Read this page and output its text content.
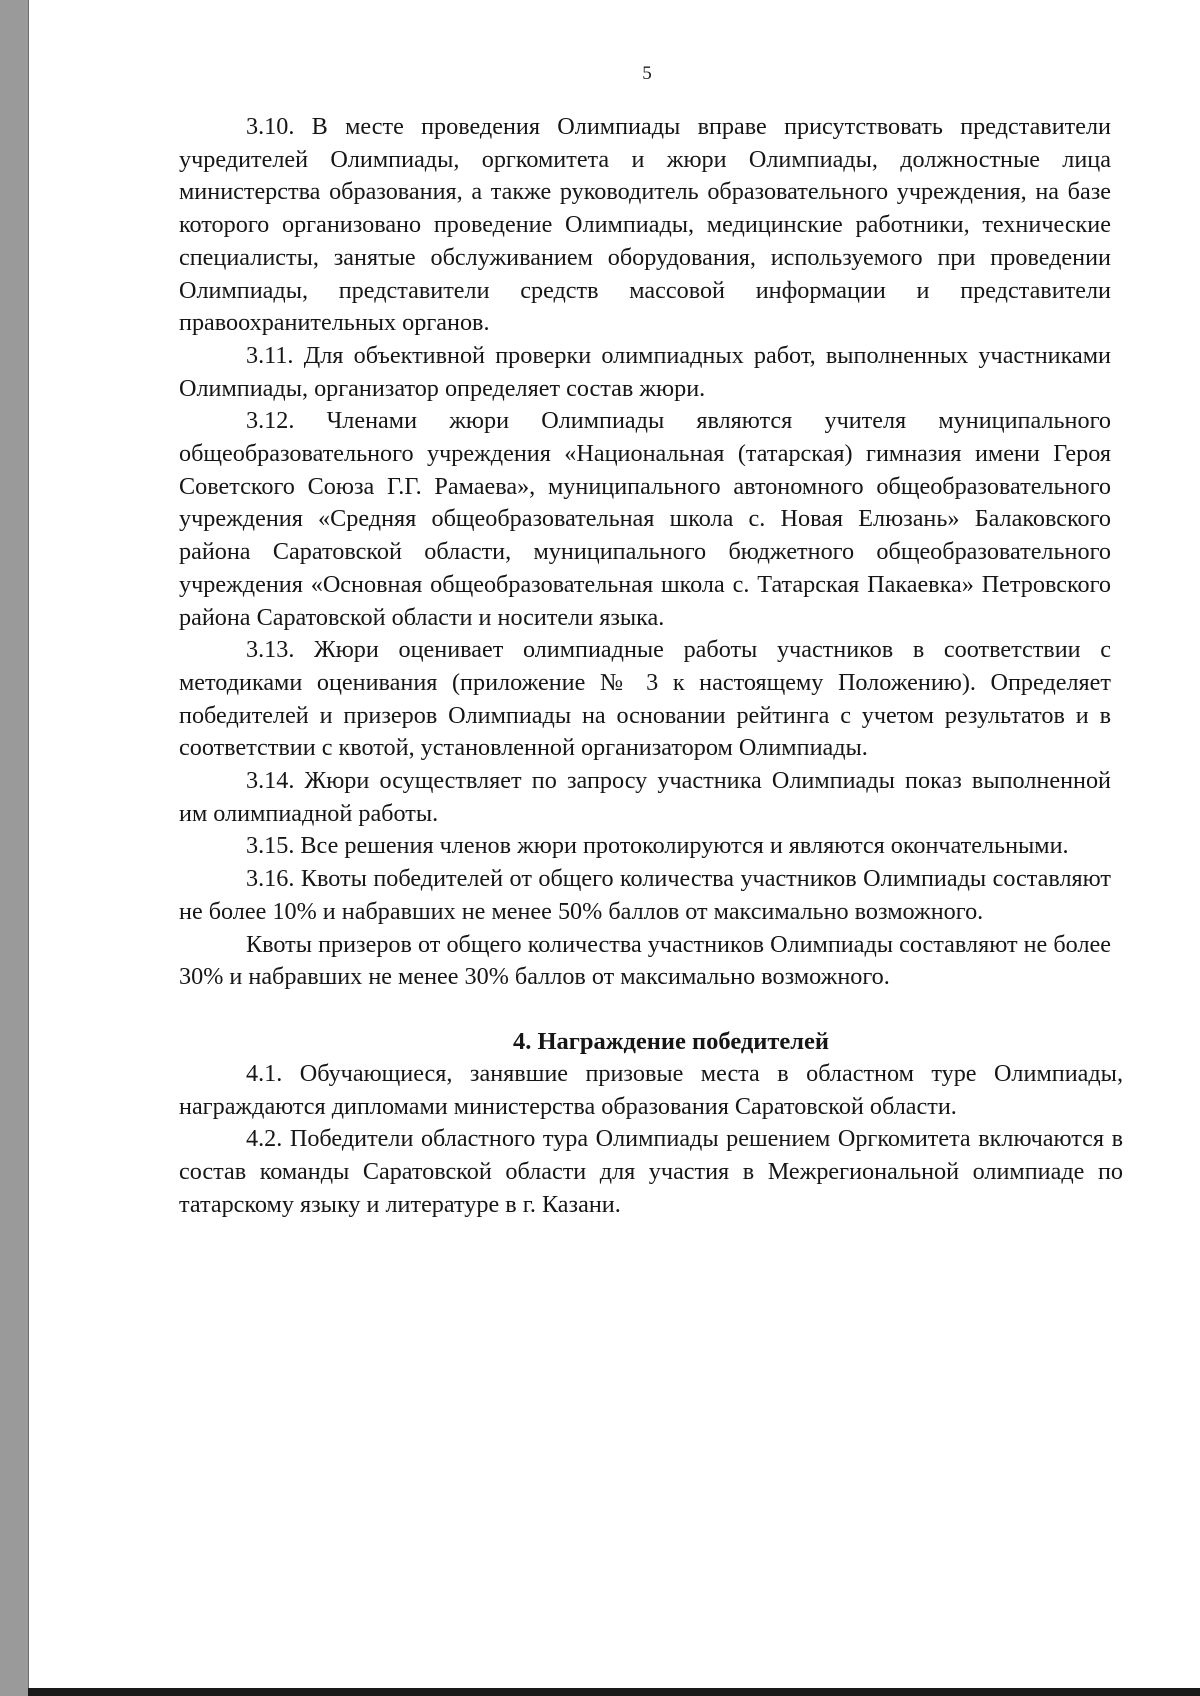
5

3.10. В месте проведения Олимпиады вправе присутствовать представители учредителей Олимпиады, оргкомитета и жюри Олимпиады, должностные лица министерства образования, а также руководитель образовательного учреждения, на базе которого организовано проведение Олимпиады, медицинские работники, технические специалисты, занятые обслуживанием оборудования, используемого при проведении Олимпиады, представители средств массовой информации и представители правоохранительных органов.

3.11. Для объективной проверки олимпиадных работ, выполненных участниками Олимпиады, организатор определяет состав жюри.

3.12. Членами жюри Олимпиады являются учителя муниципального общеобразовательного учреждения «Национальная (татарская) гимназия имени Героя Советского Союза Г.Г. Рамаева», муниципального автономного общеобразовательного учреждения «Средняя общеобразовательная школа с. Новая Елюзань» Балаковского района Саратовской области, муниципального бюджетного общеобразовательного учреждения «Основная общеобразовательная школа с. Татарская Пакаевка» Петровского района Саратовской области и носители языка.

3.13. Жюри оценивает олимпиадные работы участников в соответствии с методиками оценивания (приложение № 3 к настоящему Положению). Определяет победителей и призеров Олимпиады на основании рейтинга с учетом результатов и в соответствии с квотой, установленной организатором Олимпиады.

3.14. Жюри осуществляет по запросу участника Олимпиады показ выполненной им олимпиадной работы.

3.15. Все решения членов жюри протоколируются и являются окончательными.

3.16. Квоты победителей от общего количества участников Олимпиады составляют не более 10% и набравших не менее 50% баллов от максимально возможного.

Квоты призеров от общего количества участников Олимпиады составляют не более 30% и набравших не менее 30% баллов от максимально возможного.

4. Награждение победителей

4.1. Обучающиеся, занявшие призовые места в областном туре Олимпиады, награждаются дипломами министерства образования Саратовской области.

4.2. Победители областного тура Олимпиады решением Оргкомитета включаются в состав команды Саратовской области для участия в Межрегиональной олимпиаде по татарскому языку и литературе в г. Казани.
